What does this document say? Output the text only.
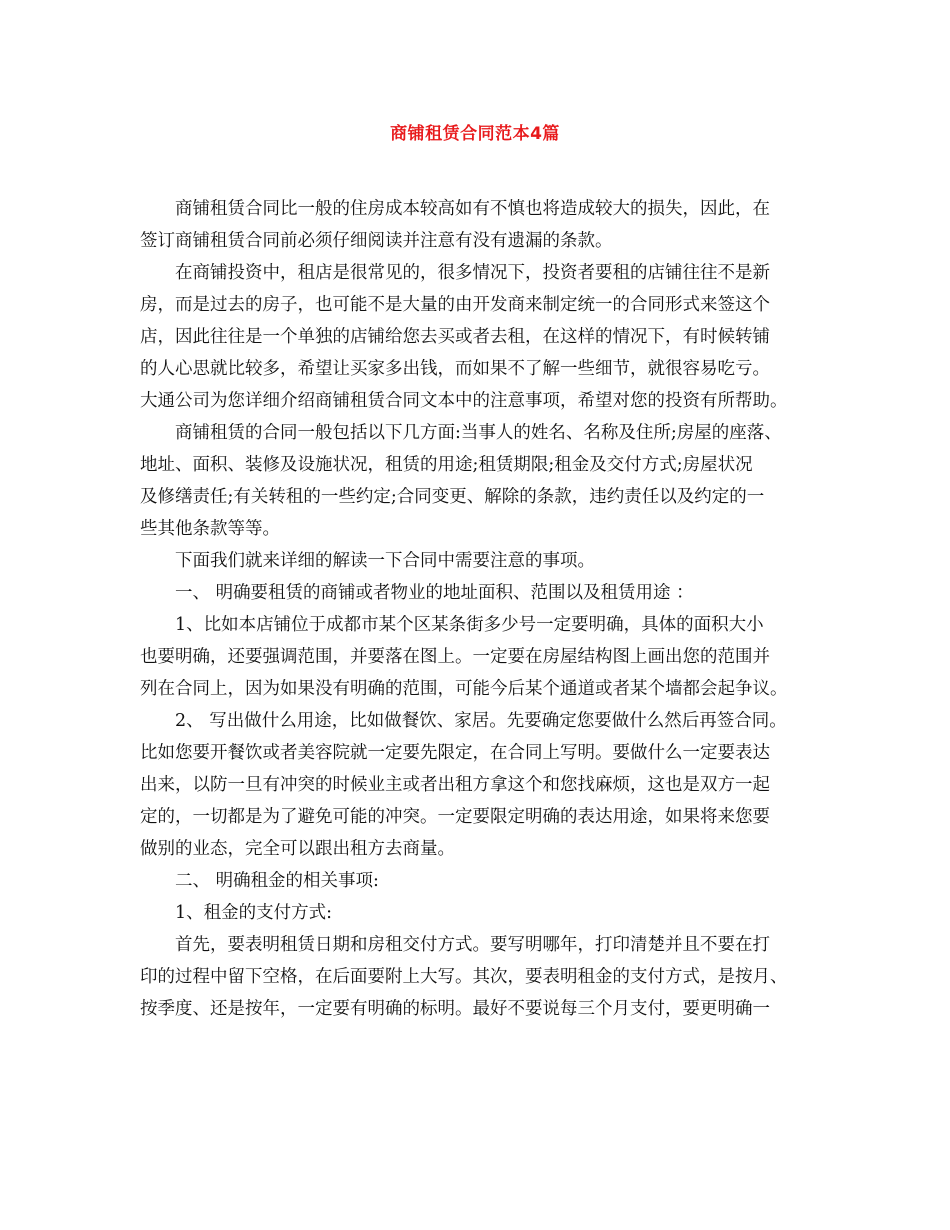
商铺租赁合同范本4篇

商铺租赁合同比一般的住房成本较高如有不慎也将造成较大的损失，因此，在
签订商铺租赁合同前必须仔细阅读并注意有没有遗漏的条款。

在商铺投资中，租店是很常见的，很多情况下，投资者要租的店铺往往不是新
房，而是过去的房子，也可能不是大量的由开发商来制定统一的合同形式来签这个
店，因此往往是一个单独的店铺给您去买或者去租，在这样的情况下，有时候转铺
的人心思就比较多，希望让买家多出钱，而如果不了解一些细节，就很容易吃亏。
大通公司为您详细介绍商铺租赁合同文本中的注意事项，希望对您的投资有所帮助。

商铺租赁的合同一般包括以下几方面:当事人的姓名、名称及住所;房屋的座落、
地址、面积、装修及设施状况，租赁的用途;租赁期限;租金及交付方式;房屋状况
及修缮责任;有关转租的一些约定;合同变更、解除的条款，违约责任以及约定的一
些其他条款等等。

下面我们就来详细的解读一下合同中需要注意的事项。

一、 明确要租赁的商铺或者物业的地址面积、范围以及租赁用途 ：

1、比如本店铺位于成都市某个区某条街多少号一定要明确，具体的面积大小
也要明确，还要强调范围，并要落在图上。一定要在房屋结构图上画出您的范围并
列在合同上，因为如果没有明确的范围，可能今后某个通道或者某个墙都会起争议。

2、 写出做什么用途，比如做餐饮、家居。先要确定您要做什么然后再签合同。
比如您要开餐饮或者美容院就一定要先限定，在合同上写明。要做什么一定要表达
出来，以防一旦有冲突的时候业主或者出租方拿这个和您找麻烦，这也是双方一起
定的，一切都是为了避免可能的冲突。一定要限定明确的表达用途，如果将来您要
做别的业态，完全可以跟出租方去商量。

二、 明确租金的相关事项:

1、租金的支付方式:

首先，要表明租赁日期和房租交付方式。要写明哪年，打印清楚并且不要在打
印的过程中留下空格，在后面要附上大写。其次，要表明租金的支付方式，是按月、
按季度、还是按年，一定要有明确的标明。最好不要说每三个月支付，要更明确一
